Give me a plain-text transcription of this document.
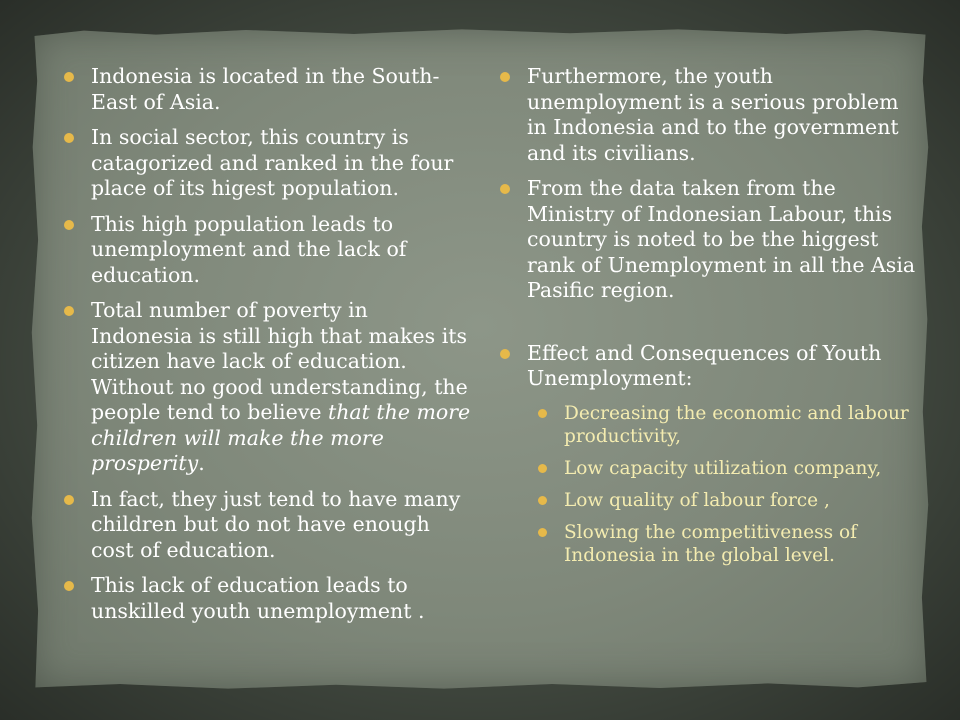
Indonesia is located in the South-East of Asia.
In social sector, this country is catagorized and ranked in the four place of its higest population.
This high population leads to unemployment and the lack of education.
Total number of poverty in Indonesia is still high that makes its citizen have lack of education. Without no good understanding, the people tend to believe that the more children will make the more prosperity.
In fact, they just tend to have many children but do not have enough cost of education.
This lack of education leads to unskilled youth unemployment .
Furthermore, the youth unemployment is a serious problem in Indonesia and to the government and its civilians.
From the data taken from the Ministry of Indonesian Labour, this country is noted to be the higgest rank of Unemployment in all the Asia Pasific region.
Effect and Consequences of Youth Unemployment:
Decreasing the economic and labour productivity,
Low capacity utilization company,
Low quality of labour force ,
Slowing the competitiveness of Indonesia in the global level.
